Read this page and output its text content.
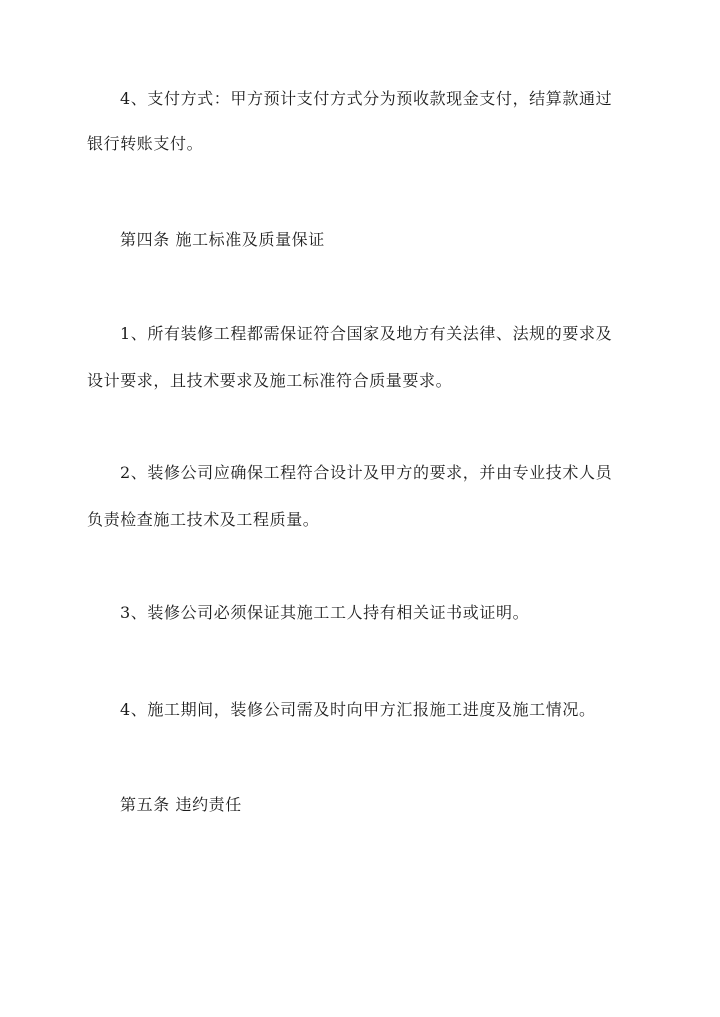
4、支付方式：甲方预计支付方式分为预收款现金支付，结算款通过
银行转账支付。
第四条 施工标准及质量保证
1、所有装修工程都需保证符合国家及地方有关法律、法规的要求及
设计要求，且技术要求及施工标准符合质量要求。
2、装修公司应确保工程符合设计及甲方的要求，并由专业技术人员
负责检查施工技术及工程质量。
3、装修公司必须保证其施工工人持有相关证书或证明。
4、施工期间，装修公司需及时向甲方汇报施工进度及施工情况。
第五条 违约责任
